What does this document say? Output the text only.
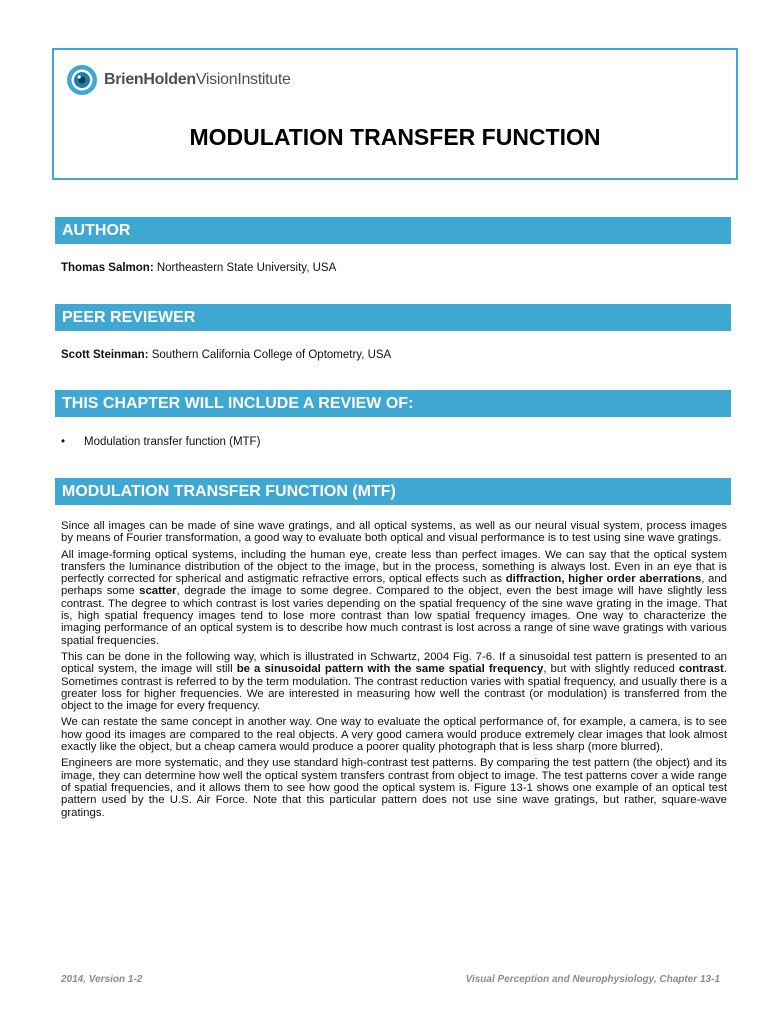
BrienHoldenVisionInstitute
MODULATION TRANSFER FUNCTION
AUTHOR
Thomas Salmon: Northeastern State University, USA
PEER REVIEWER
Scott Steinman: Southern California College of Optometry, USA
THIS CHAPTER WILL INCLUDE A REVIEW OF:
• Modulation transfer function (MTF)
MODULATION TRANSFER FUNCTION (MTF)

Since all images can be made of sine wave gratings, and all optical systems, as well as our neural visual system, process images by means of Fourier transformation, a good way to evaluate both optical and visual performance is to test using sine wave gratings.

All image-forming optical systems, including the human eye, create less than perfect images. We can say that the optical system transfers the luminance distribution of the object to the image, but in the process, something is always lost. Even in an eye that is perfectly corrected for spherical and astigmatic refractive errors, optical effects such as diffraction, higher order aberrations, and perhaps some scatter, degrade the image to some degree. Compared to the object, even the best image will have slightly less contrast. The degree to which contrast is lost varies depending on the spatial frequency of the sine wave grating in the image. That is, high spatial frequency images tend to lose more contrast than low spatial frequency images. One way to characterize the imaging performance of an optical system is to describe how much contrast is lost across a range of sine wave gratings with various spatial frequencies.

This can be done in the following way, which is illustrated in Schwartz, 2004 Fig. 7-6. If a sinusoidal test pattern is presented to an optical system, the image will still be a sinusoidal pattern with the same spatial frequency, but with slightly reduced contrast. Sometimes contrast is referred to by the term modulation. The contrast reduction varies with spatial frequency, and usually there is a greater loss for higher frequencies. We are interested in measuring how well the contrast (or modulation) is transferred from the object to the image for every frequency.

We can restate the same concept in another way. One way to evaluate the optical performance of, for example, a camera, is to see how good its images are compared to the real objects. A very good camera would produce extremely clear images that look almost exactly like the object, but a cheap camera would produce a poorer quality photograph that is less sharp (more blurred).

Engineers are more systematic, and they use standard high-contrast test patterns. By comparing the test pattern (the object) and its image, they can determine how well the optical system transfers contrast from object to image. The test patterns cover a wide range of spatial frequencies, and it allows them to see how good the optical system is. Figure 13-1 shows one example of an optical test pattern used by the U.S. Air Force. Note that this particular pattern does not use sine wave gratings, but rather, square-wave gratings.

2014, Version 1-2	Visual Perception and Neurophysiology, Chapter 13-1
